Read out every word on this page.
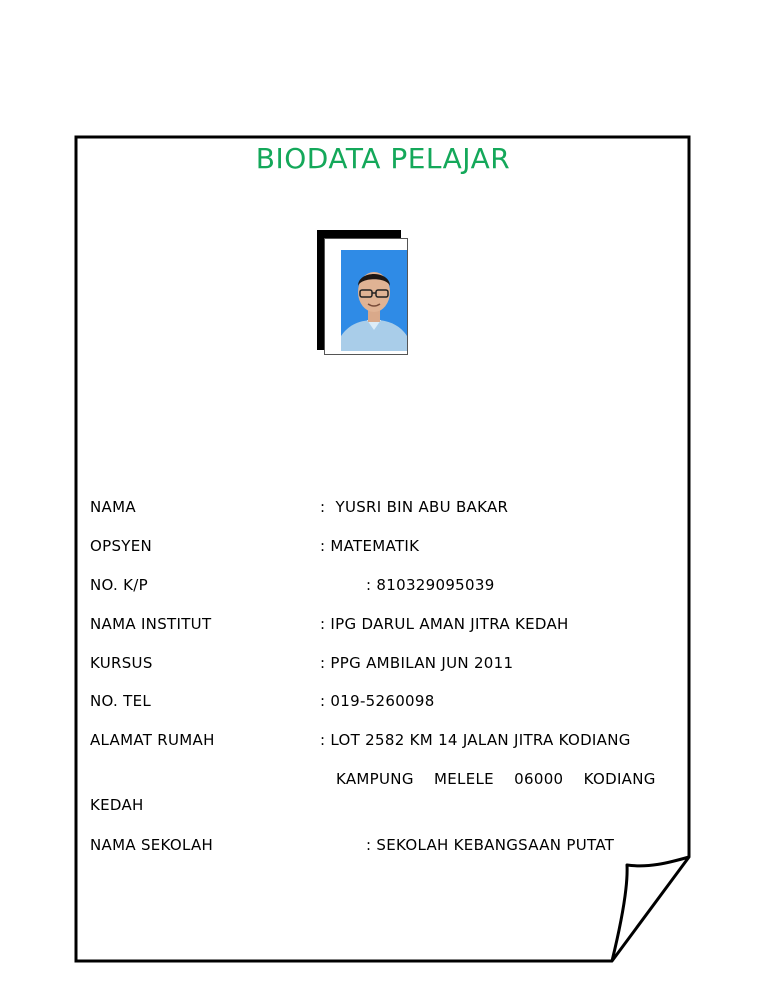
BIODATA PELAJAR
NAMA	:  YUSRI BIN ABU BAKAR
OPSYEN	: MATEMATIK
NO. K/P	: 810329095039
NAMA INSTITUT	: IPG DARUL AMAN JITRA KEDAH
KURSUS	: PPG AMBILAN JUN 2011
NO. TEL	: 019-5260098
ALAMAT RUMAH	: LOT 2582 KM 14 JALAN JITRA KODIANG
KAMPUNG    MELELE    06000    KODIANG
KEDAH
NAMA SEKOLAH	: SEKOLAH KEBANGSAAN PUTAT
